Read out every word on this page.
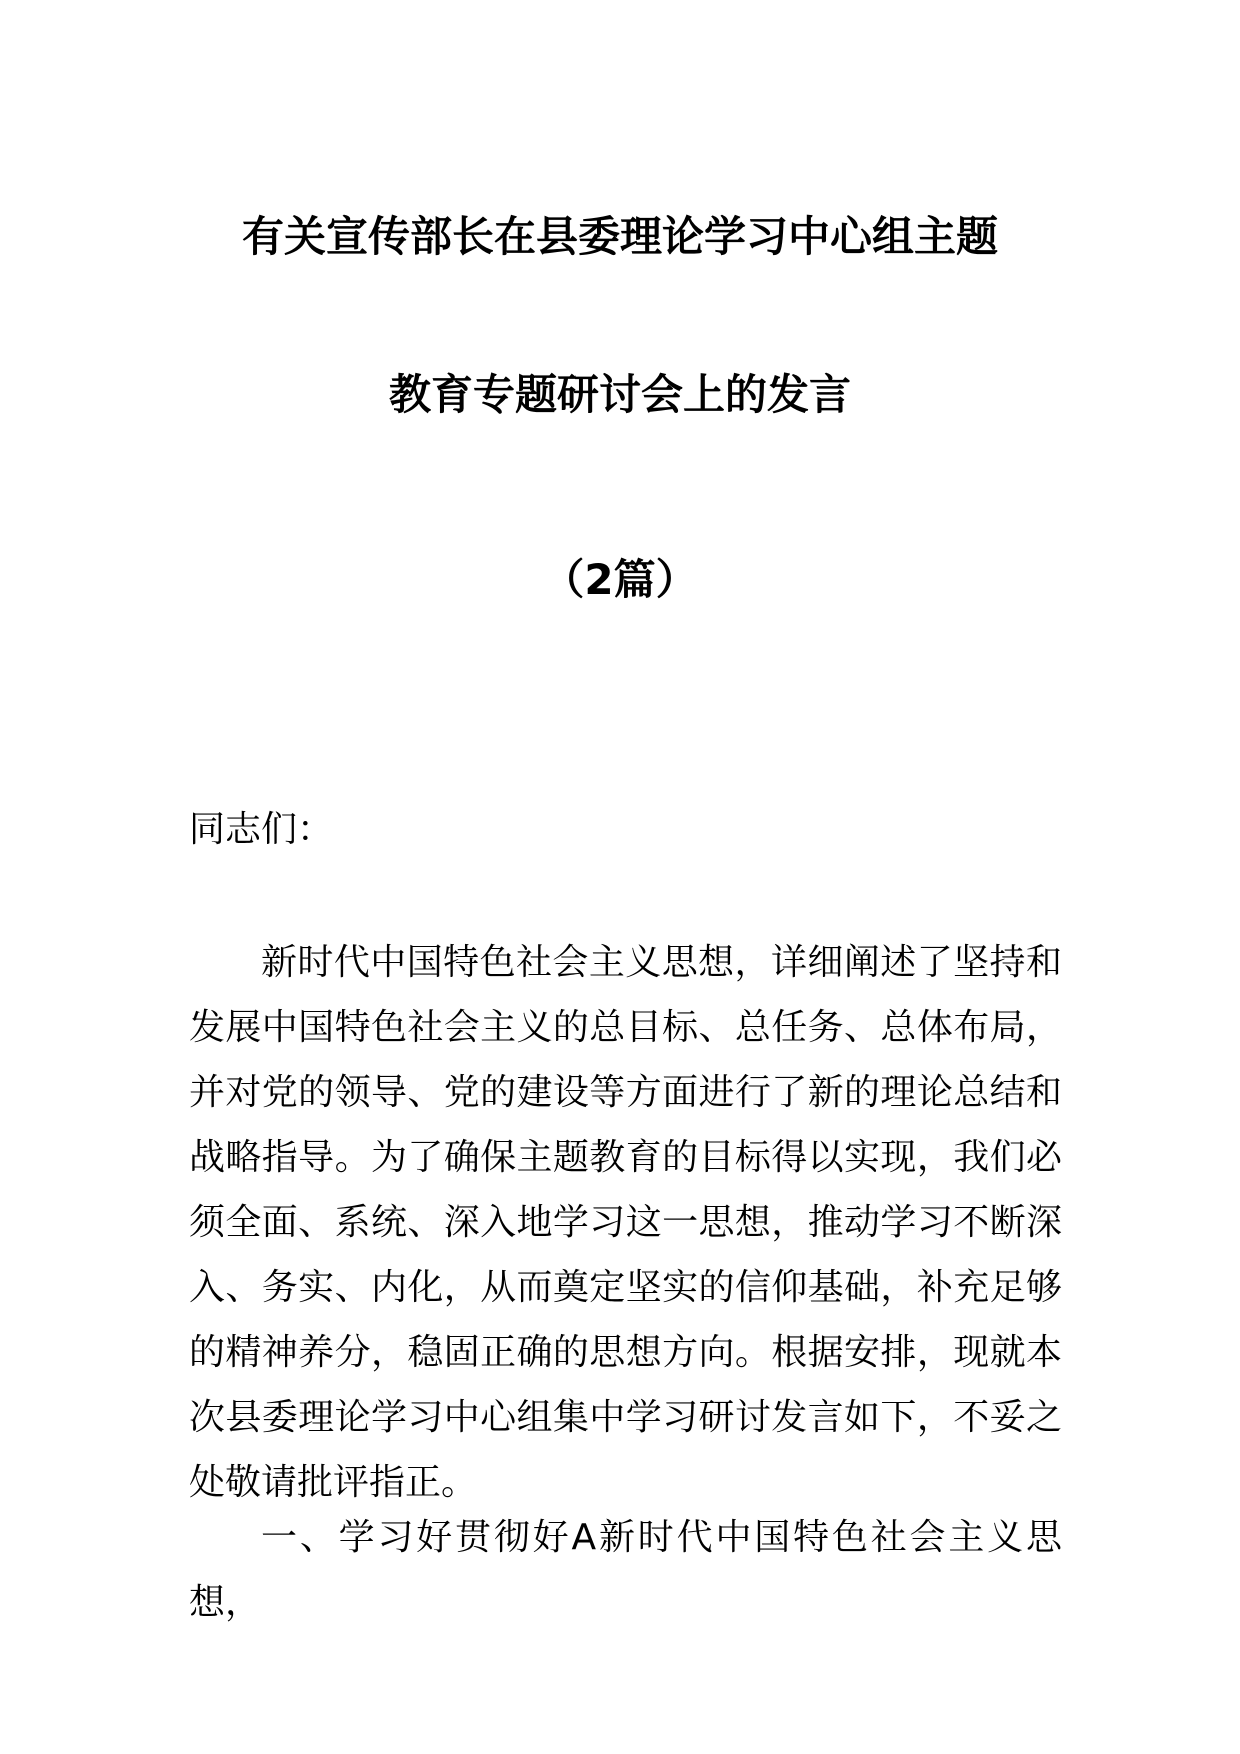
有关宣传部长在县委理论学习中心组主题
教育专题研讨会上的发言
（2篇）

同志们：

新时代中国特色社会主义思想，详细阐述了坚持和发展中国特色社会主义的总目标、总任务、总体布局，并对党的领导、党的建设等方面进行了新的理论总结和战略指导。为了确保主题教育的目标得以实现，我们必须全面、系统、深入地学习这一思想，推动学习不断深入、务实、内化，从而奠定坚实的信仰基础，补充足够的精神养分，稳固正确的思想方向。根据安排，现就本次县委理论学习中心组集中学习研讨发言如下，不妥之处敬请批评指正。

一、学习好贯彻好A新时代中国特色社会主义思想，
